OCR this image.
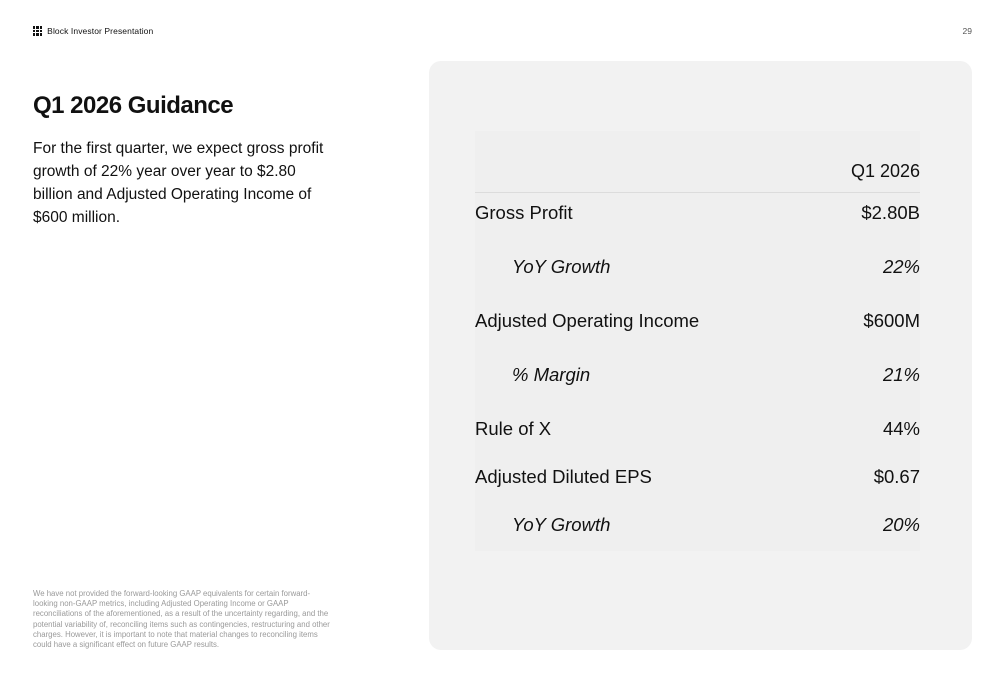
Block Investor Presentation	29
Q1 2026 Guidance

For the first quarter, we expect gross profit growth of 22% year over year to $2.80 billion and Adjusted Operating Income of $600 million.

We have not provided the forward-looking GAAP equivalents for certain forward-looking non-GAAP metrics, including Adjusted Operating Income or GAAP reconciliations of the aforementioned, as a result of the uncertainty regarding, and the potential variability of, reconciling items such as contingencies, restructuring and other charges. However, it is important to note that material changes to reconciling items could have a significant effect on future GAAP results.

Q1 2026
Gross Profit	$2.80B
YoY Growth	22%
Adjusted Operating Income	$600M
% Margin	21%
Rule of X	44%
Adjusted Diluted EPS	$0.67
YoY Growth	20%
